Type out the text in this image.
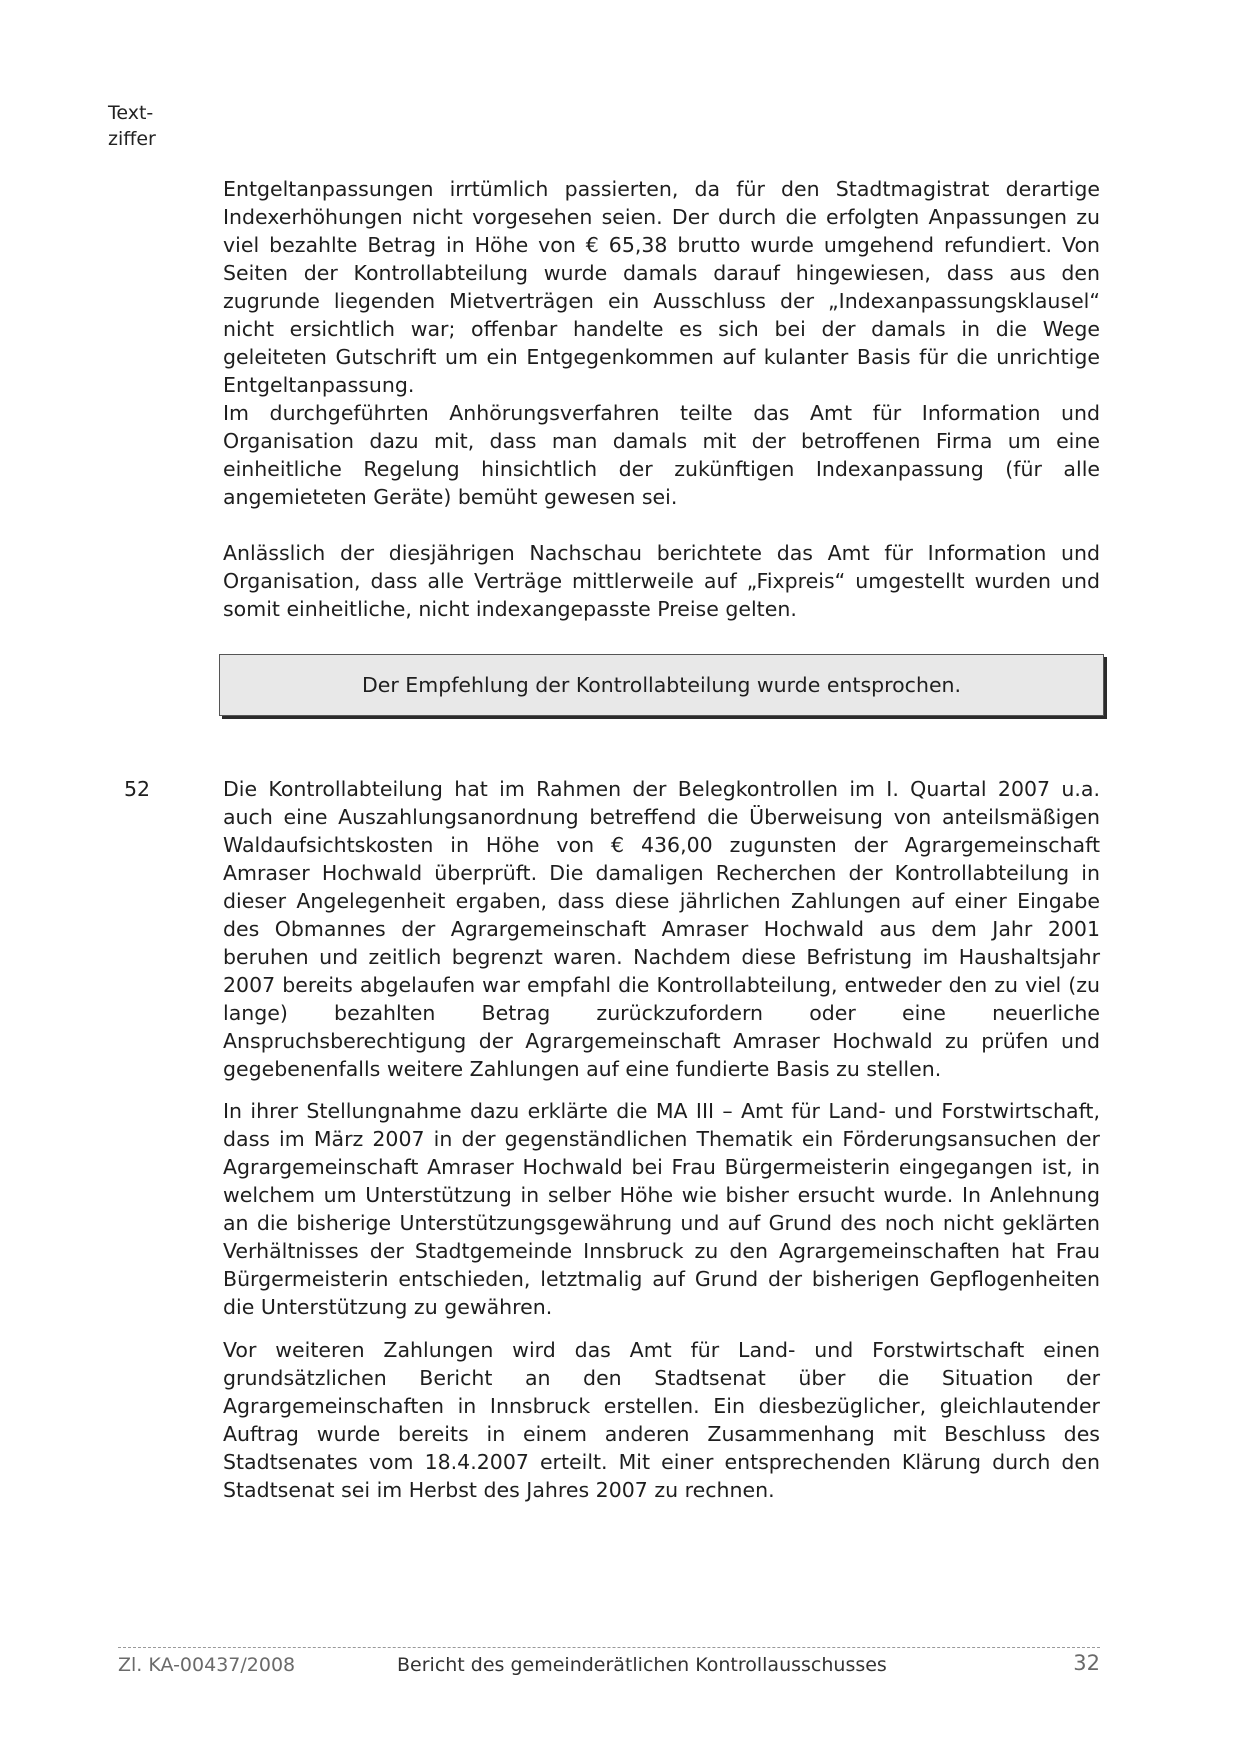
Text-
ziffer

Entgeltanpassungen irrtümlich passierten, da für den Stadtmagistrat derartige Indexerhöhungen nicht vorgesehen seien. Der durch die erfolgten Anpassungen zu viel bezahlte Betrag in Höhe von € 65,38 brutto wurde umgehend refundiert. Von Seiten der Kontrollabteilung wurde damals darauf hingewiesen, dass aus den zugrunde liegenden Mietverträgen ein Ausschluss der „Indexanpassungsklausel“ nicht ersichtlich war; offenbar handelte es sich bei der damals in die Wege geleiteten Gutschrift um ein Entgegenkommen auf kulanter Basis für die unrichtige Entgeltanpassung.

Im durchgeführten Anhörungsverfahren teilte das Amt für Information und Organisation dazu mit, dass man damals mit der betroffenen Firma um eine einheitliche Regelung hinsichtlich der zukünftigen Indexanpassung (für alle angemieteten Geräte) bemüht gewesen sei.

Anlässlich der diesjährigen Nachschau berichtete das Amt für Information und Organisation, dass alle Verträge mittlerweile auf „Fixpreis“ umgestellt wurden und somit einheitliche, nicht indexangepasste Preise gelten.

Der Empfehlung der Kontrollabteilung wurde entsprochen.
52	Die Kontrollabteilung hat im Rahmen der Belegkontrollen im I. Quartal 2007 u.a. auch eine Auszahlungsanordnung betreffend die Überweisung von anteilsmäßigen Waldaufsichtskosten in Höhe von € 436,00 zugunsten der Agrargemeinschaft Amraser Hochwald überprüft. Die damaligen Recherchen der Kontrollabteilung in dieser Angelegenheit ergaben, dass diese jährlichen Zahlungen auf einer Eingabe des Obmannes der Agrargemeinschaft Amraser Hochwald aus dem Jahr 2001 beruhen und zeitlich begrenzt waren. Nachdem diese Befristung im Haushaltsjahr 2007 bereits abgelaufen war empfahl die Kontrollabteilung, entweder den zu viel (zu lange) bezahlten Betrag zurückzufordern oder eine neuerliche Anspruchsberechtigung der Agrargemeinschaft Amraser Hochwald zu prüfen und gegebenenfalls weitere Zahlungen auf eine fundierte Basis zu stellen.

In ihrer Stellungnahme dazu erklärte die MA III – Amt für Land- und Forstwirtschaft, dass im März 2007 in der gegenständlichen Thematik ein Förderungsansuchen der Agrargemeinschaft Amraser Hochwald bei Frau Bürgermeisterin eingegangen ist, in welchem um Unterstützung in selber Höhe wie bisher ersucht wurde. In Anlehnung an die bisherige Unterstützungsgewährung und auf Grund des noch nicht geklärten Verhältnisses der Stadtgemeinde Innsbruck zu den Agrargemeinschaften hat Frau Bürgermeisterin entschieden, letztmalig auf Grund der bisherigen Gepflogenheiten die Unterstützung zu gewähren.

Vor weiteren Zahlungen wird das Amt für Land- und Forstwirtschaft einen grundsätzlichen Bericht an den Stadtsenat über die Situation der Agrargemeinschaften in Innsbruck erstellen. Ein diesbezüglicher, gleichlautender Auftrag wurde bereits in einem anderen Zusammenhang mit Beschluss des Stadtsenates vom 18.4.2007 erteilt. Mit einer entsprechenden Klärung durch den Stadtsenat sei im Herbst des Jahres 2007 zu rechnen.

Zl. KA-00437/2008	Bericht des gemeinderätlichen Kontrollausschusses	32
